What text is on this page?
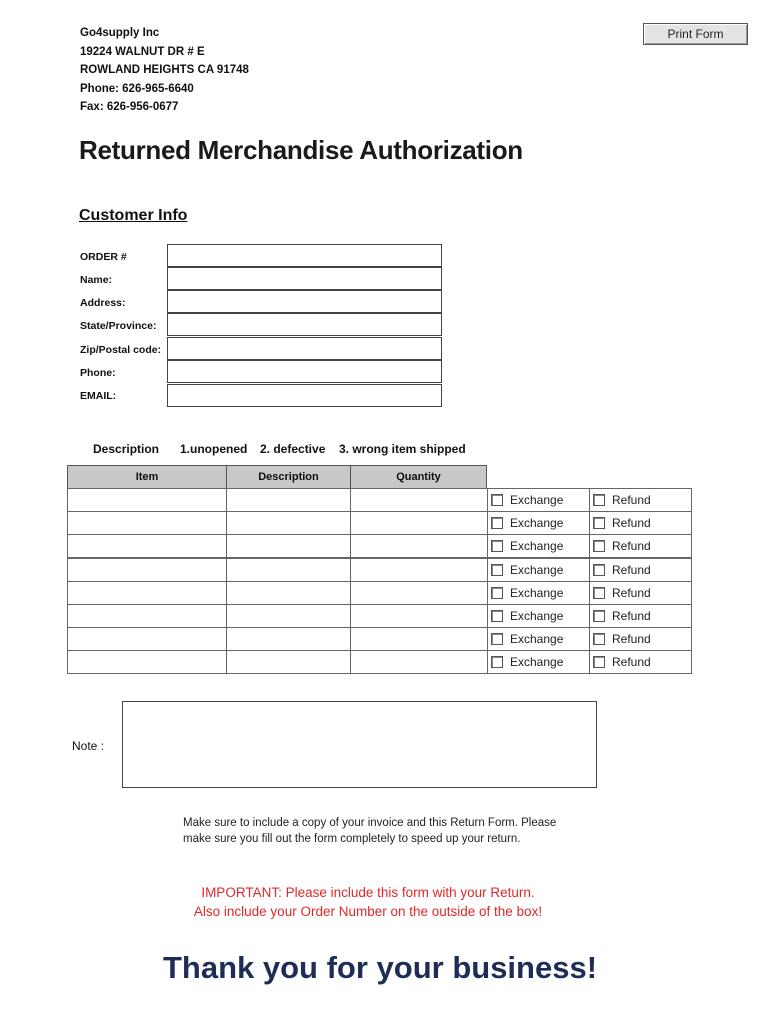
Go4supply Inc
19224 WALNUT DR # E
ROWLAND HEIGHTS CA 91748
Phone: 626-965-6640
Fax: 626-956-0677
Print Form
Returned Merchandise Authorization
Customer Info
ORDER #
Name:
Address:
State/Province:
Zip/Postal code:
Phone:
EMAIL:
Description 1.unopened 2. defective 3. wrong item shipped
Item	Description	Quantity
Exchange	Refund
Exchange	Refund
Exchange	Refund
Exchange	Refund
Exchange	Refund
Exchange	Refund
Exchange	Refund
Exchange	Refund
Note :
Make sure to include a copy of your invoice and this Return Form. Please
make sure you fill out the form completely to speed up your return.
IMPORTANT: Please include this form with your Return.
Also include your Order Number on the outside of the box!
Thank you for your business!
